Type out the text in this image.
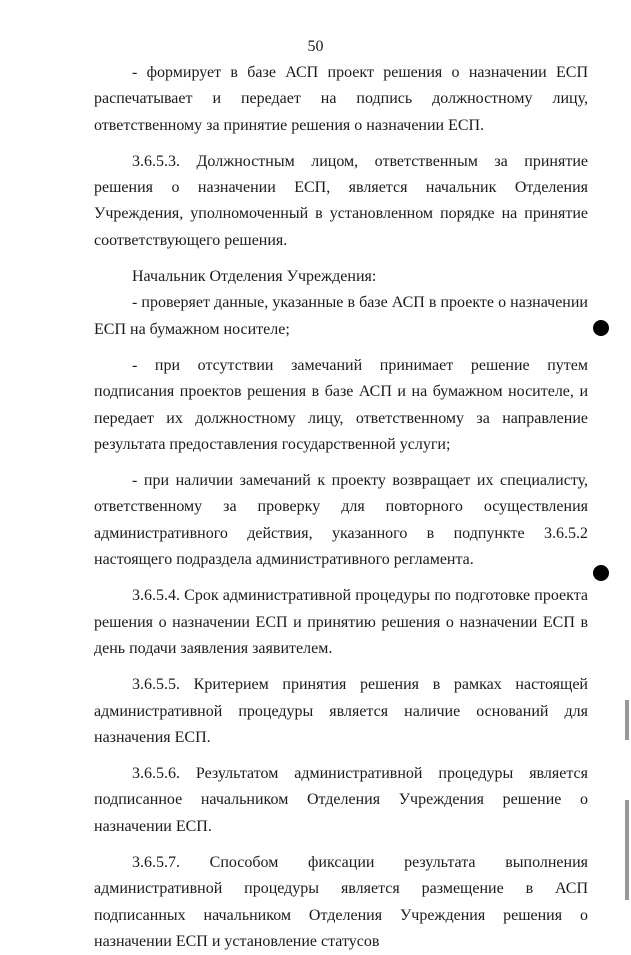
50

- формирует в базе АСП проект решения о назначении ЕСП распечатывает и передает на подпись должностному лицу, ответственному за принятие решения о назначении ЕСП.

3.6.5.3. Должностным лицом, ответственным за принятие решения о назначении ЕСП, является начальник Отделения Учреждения, уполномоченный в установленном порядке на принятие соответствующего решения.

Начальник Отделения Учреждения:

- проверяет данные, указанные в базе АСП в проекте о назначении ЕСП на бумажном носителе;

- при отсутствии замечаний принимает решение путем подписания проектов решения в базе АСП и на бумажном носителе, и передает их должностному лицу, ответственному за направление результата предоставления государственной услуги;

- при наличии замечаний к проекту возвращает их специалисту, ответственному за проверку для повторного осуществления административного действия, указанного в подпункте 3.6.5.2 настоящего подраздела административного регламента.

3.6.5.4. Срок административной процедуры по подготовке проекта решения о назначении ЕСП и принятию решения о назначении ЕСП в день подачи заявления заявителем.

3.6.5.5. Критерием принятия решения в рамках настоящей административной процедуры является наличие оснований для назначения ЕСП.

3.6.5.6. Результатом административной процедуры является подписанное начальником Отделения Учреждения решение о назначении ЕСП.

3.6.5.7. Способом фиксации результата выполнения административной процедуры является размещение в АСП подписанных начальником Отделения Учреждения решения о назначении ЕСП и установление статусов
